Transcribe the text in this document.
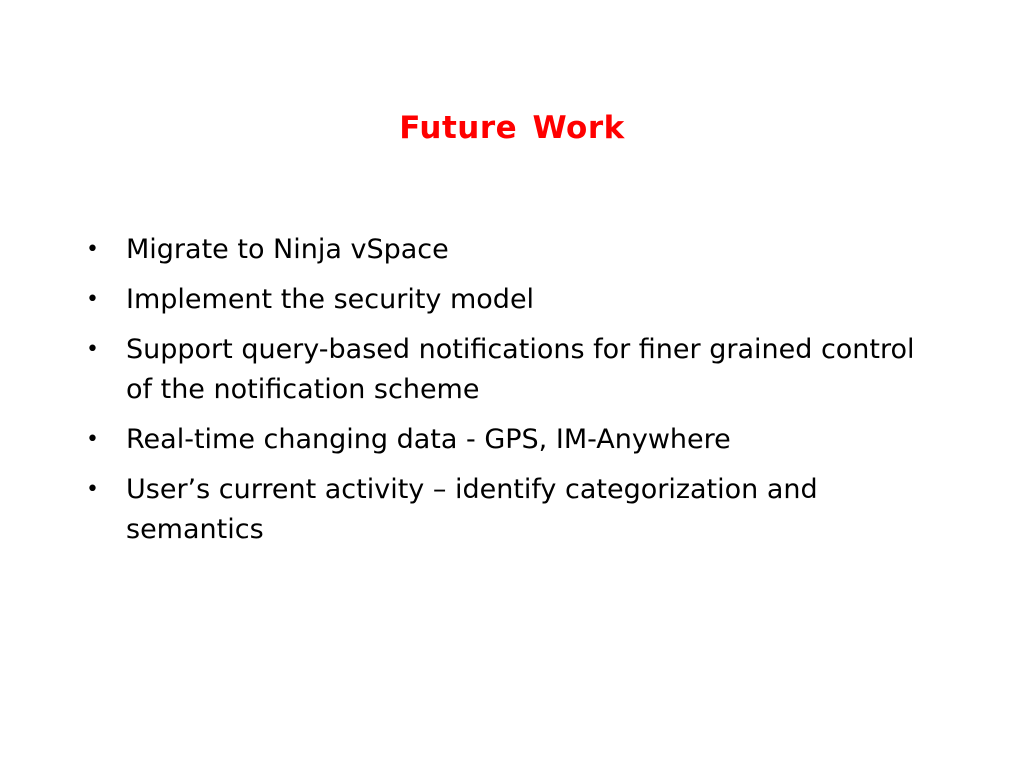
Future Work
• Migrate to Ninja vSpace
• Implement the security model
• Support query-based notifications for finer grained control of the notification scheme
• Real-time changing data - GPS, IM-Anywhere
• User’s current activity – identify categorization and semantics
